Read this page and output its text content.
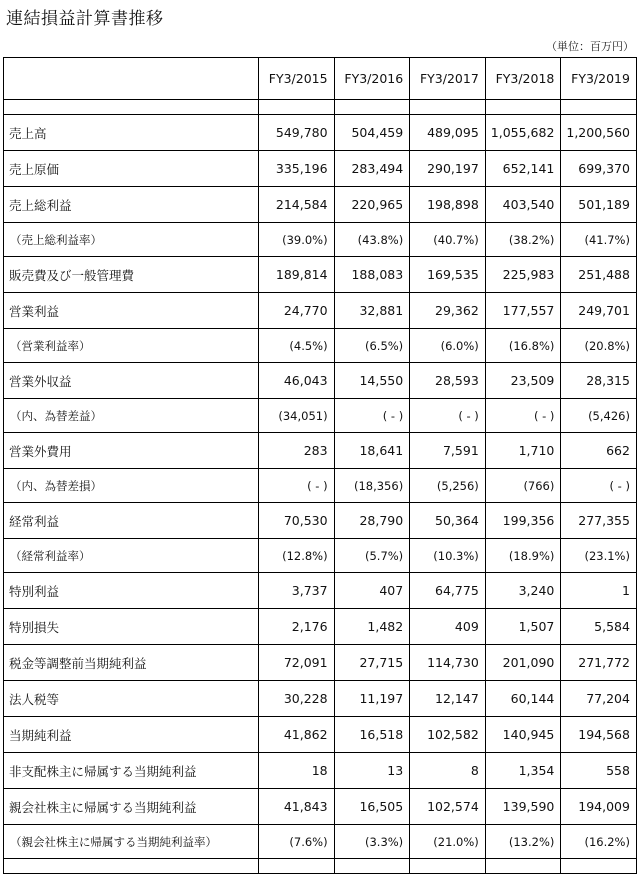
連結損益計算書推移
（単位：百万円）
	FY3/2015	FY3/2016	FY3/2017	FY3/2018	FY3/2019

売上高	549,780	504,459	489,095	1,055,682	1,200,560
売上原価	335,196	283,494	290,197	652,141	699,370
売上総利益	214,584	220,965	198,898	403,540	501,189
（売上総利益率）	(39.0%)	(43.8%)	(40.7%)	(38.2%)	(41.7%)
販売費及び一般管理費	189,814	188,083	169,535	225,983	251,488
営業利益	24,770	32,881	29,362	177,557	249,701
（営業利益率）	(4.5%)	(6.5%)	(6.0%)	(16.8%)	(20.8%)
営業外収益	46,043	14,550	28,593	23,509	28,315
（内、為替差益）	(34,051)	( - )	( - )	( - )	(5,426)
営業外費用	283	18,641	7,591	1,710	662
（内、為替差損）	( - )	(18,356)	(5,256)	(766)	( - )
経常利益	70,530	28,790	50,364	199,356	277,355
（経常利益率）	(12.8%)	(5.7%)	(10.3%)	(18.9%)	(23.1%)
特別利益	3,737	407	64,775	3,240	1
特別損失	2,176	1,482	409	1,507	5,584
税金等調整前当期純利益	72,091	27,715	114,730	201,090	271,772
法人税等	30,228	11,197	12,147	60,144	77,204
当期純利益	41,862	16,518	102,582	140,945	194,568
非支配株主に帰属する当期純利益	18	13	8	1,354	558
親会社株主に帰属する当期純利益	41,843	16,505	102,574	139,590	194,009
（親会社株主に帰属する当期純利益率）	(7.6%)	(3.3%)	(21.0%)	(13.2%)	(16.2%)
